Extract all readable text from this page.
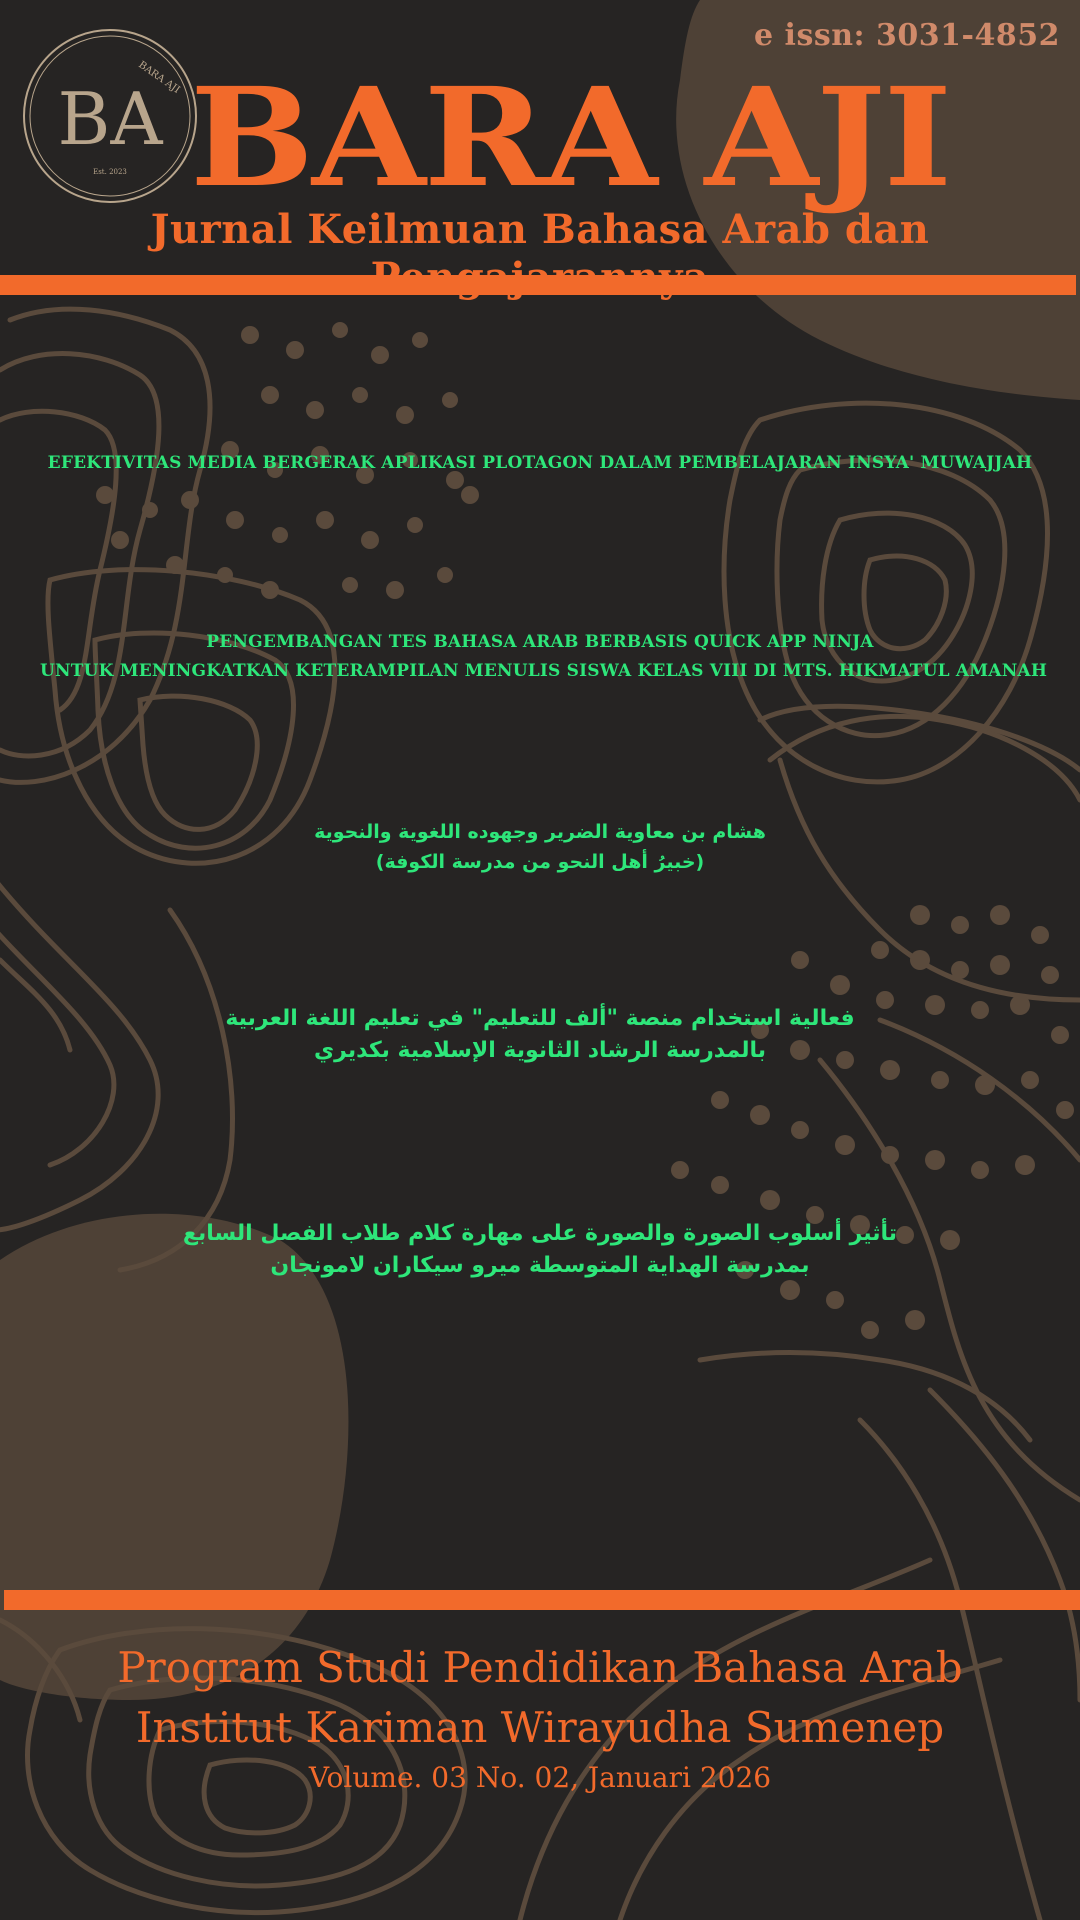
BARA AJI
BA
Est. 2023
e issn: 3031-4852
BARA AJI
Jurnal Keilmuan Bahasa Arab dan
EFEKTIVITAS MEDIA BERGERAK APLIKASI PLOTAGON DALAM PEMBELAJARAN INSYA' MUWAJJAH
PENGEMBANGAN TES BAHASA ARAB BERBASIS QUICK APP NINJA
UNTUK MENINGKATKAN KETERAMPILAN MENULIS SISWA KELAS VIII DI MTS. HIKMATUL AMANAH
هشام بن معاوية الضرير وجهوده اللغوية والنحوية
(خبيرُ أهل النحو من مدرسة الكوفة)
فعالية استخدام منصة "ألف للتعليم" في تعليم اللغة العربية
بالمدرسة الرشاد الثانوية الإسلامية بكديري
تأثير أسلوب الصورة والصورة على مهارة كلام طلاب الفصل السابع
بمدرسة الهداية المتوسطة ميرو سيكاران لامونجان
Program Studi Pendidikan Bahasa Arab
Institut Kariman Wirayudha Sumenep
Volume. 03 No. 02, Januari 2026
